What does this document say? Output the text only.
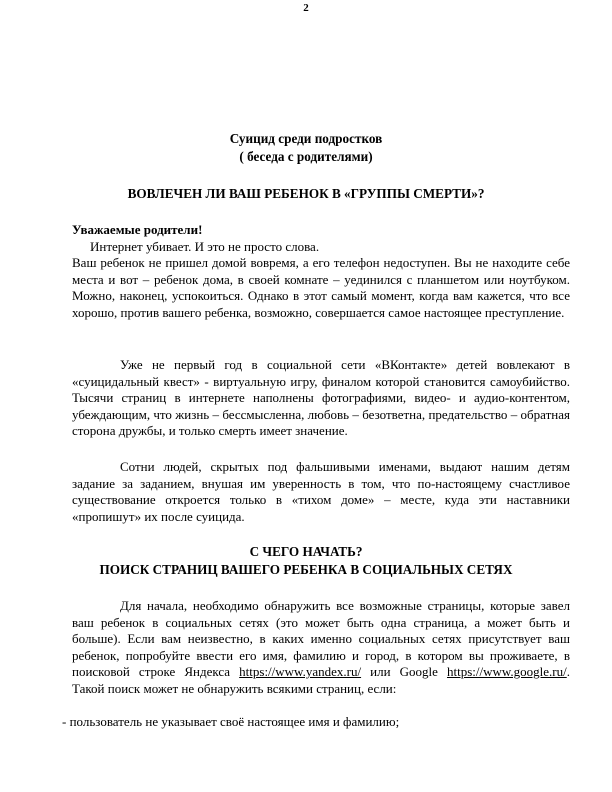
2
Суицид среди подростков
( беседа с родителями)
ВОВЛЕЧЕН ЛИ ВАШ РЕБЕНОК В «ГРУППЫ СМЕРТИ»?

Уважаемые родители!

Интернет убивает. И это не просто слова.

Ваш ребенок не пришел домой вовремя, а его телефон недоступен. Вы не находите себе места и вот – ребенок дома, в своей комнате – уединился с планшетом или ноутбуком. Можно, наконец, успокоиться. Однако в этот самый момент, когда вам кажется, что все хорошо, против вашего ребенка, возможно, совершается самое настоящее преступление.

Уже не первый год в социальной сети «ВКонтакте» детей вовлекают в «суицидальный квест» - виртуальную игру, финалом которой становится самоубийство. Тысячи страниц в интернете наполнены фотографиями, видео- и аудио-контентом, убеждающим, что жизнь – бессмысленна, любовь – безответна, предательство – обратная сторона дружбы, и только смерть имеет значение.

Сотни людей, скрытых под фальшивыми именами, выдают нашим детям задание за заданием, внушая им уверенность в том, что по-настоящему счастливое существование откроется только в «тихом доме» – месте, куда эти наставники «пропишут» их после суицида.

С ЧЕГО НАЧАТЬ?
ПОИСК СТРАНИЦ ВАШЕГО РЕБЕНКА В СОЦИАЛЬНЫХ СЕТЯХ

Для начала, необходимо обнаружить все возможные страницы, которые завел ваш ребенок в социальных сетях (это может быть одна страница, а может быть и больше). Если вам неизвестно, в каких именно социальных сетях присутствует ваш ребенок, попробуйте ввести его имя, фамилию и город, в котором вы проживаете, в поисковой строке Яндекса https://www.yandex.ru/ или Google https://www.google.ru/. Такой поиск может не обнаружить всякими страниц, если:

- пользователь не указывает своё настоящее имя и фамилию;
